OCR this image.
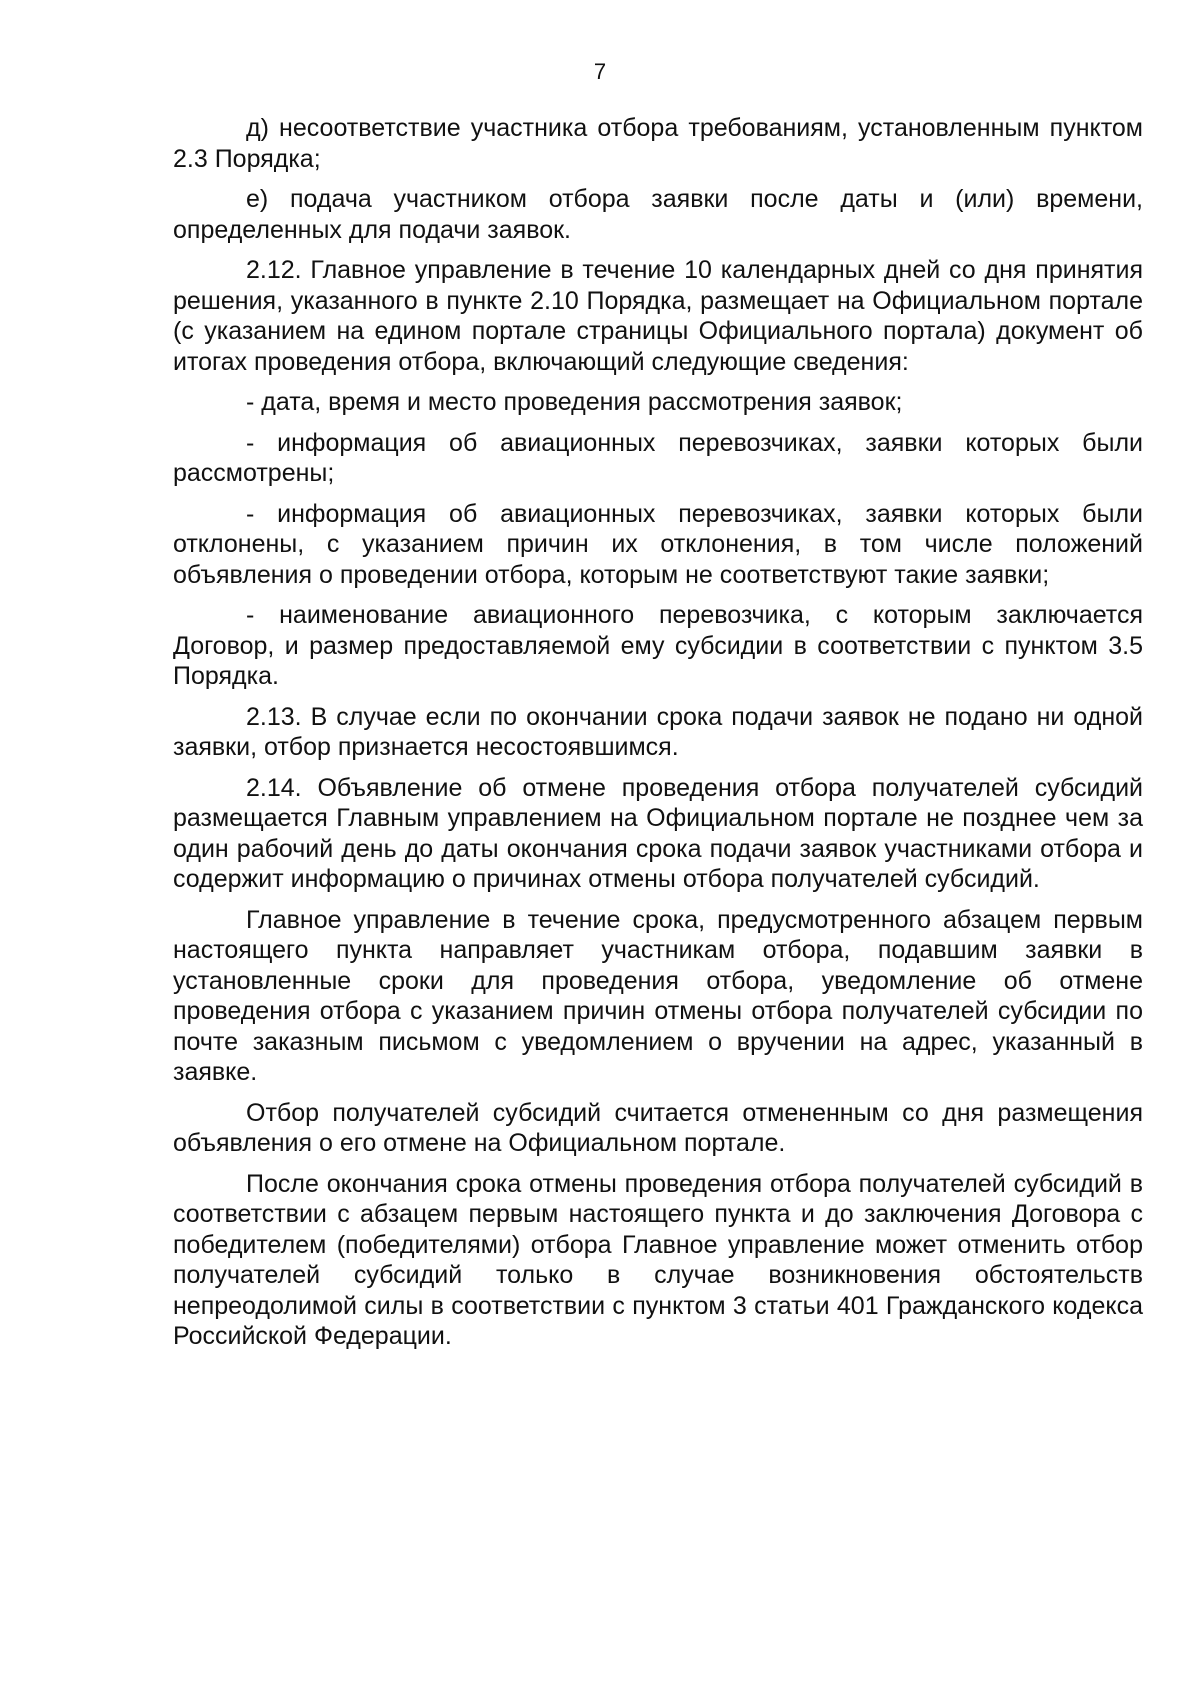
7

д) несоответствие участника отбора требованиям, установленным пунктом 2.3 Порядка;

е) подача участником отбора заявки после даты и (или) времени, определенных для подачи заявок.

2.12. Главное управление в течение 10 календарных дней со дня принятия решения, указанного в пункте 2.10 Порядка, размещает на Официальном портале (с указанием на едином портале страницы Официального портала) документ об итогах проведения отбора, включающий следующие сведения:

- дата, время и место проведения рассмотрения заявок;

- информация об авиационных перевозчиках, заявки которых были рассмотрены;

- информация об авиационных перевозчиках, заявки которых были отклонены, с указанием причин их отклонения, в том числе положений объявления о проведении отбора, которым не соответствуют такие заявки;

- наименование авиационного перевозчика, с которым заключается Договор, и размер предоставляемой ему субсидии в соответствии с пунктом 3.5 Порядка.

2.13. В случае если по окончании срока подачи заявок не подано ни одной заявки, отбор признается несостоявшимся.

2.14. Объявление об отмене проведения отбора получателей субсидий размещается Главным управлением на Официальном портале не позднее чем за один рабочий день до даты окончания срока подачи заявок участниками отбора и содержит информацию о причинах отмены отбора получателей субсидий.

Главное управление в течение срока, предусмотренного абзацем первым настоящего пункта направляет участникам отбора, подавшим заявки в установленные сроки для проведения отбора, уведомление об отмене проведения отбора с указанием причин отмены отбора получателей субсидии по почте заказным письмом с уведомлением о вручении на адрес, указанный в заявке.

Отбор получателей субсидий считается отмененным со дня размещения объявления о его отмене на Официальном портале.

После окончания срока отмены проведения отбора получателей субсидий в соответствии с абзацем первым настоящего пункта и до заключения Договора с победителем (победителями) отбора Главное управление может отменить отбор получателей субсидий только в случае возникновения обстоятельств непреодолимой силы в соответствии с пунктом 3 статьи 401 Гражданского кодекса Российской Федерации.
